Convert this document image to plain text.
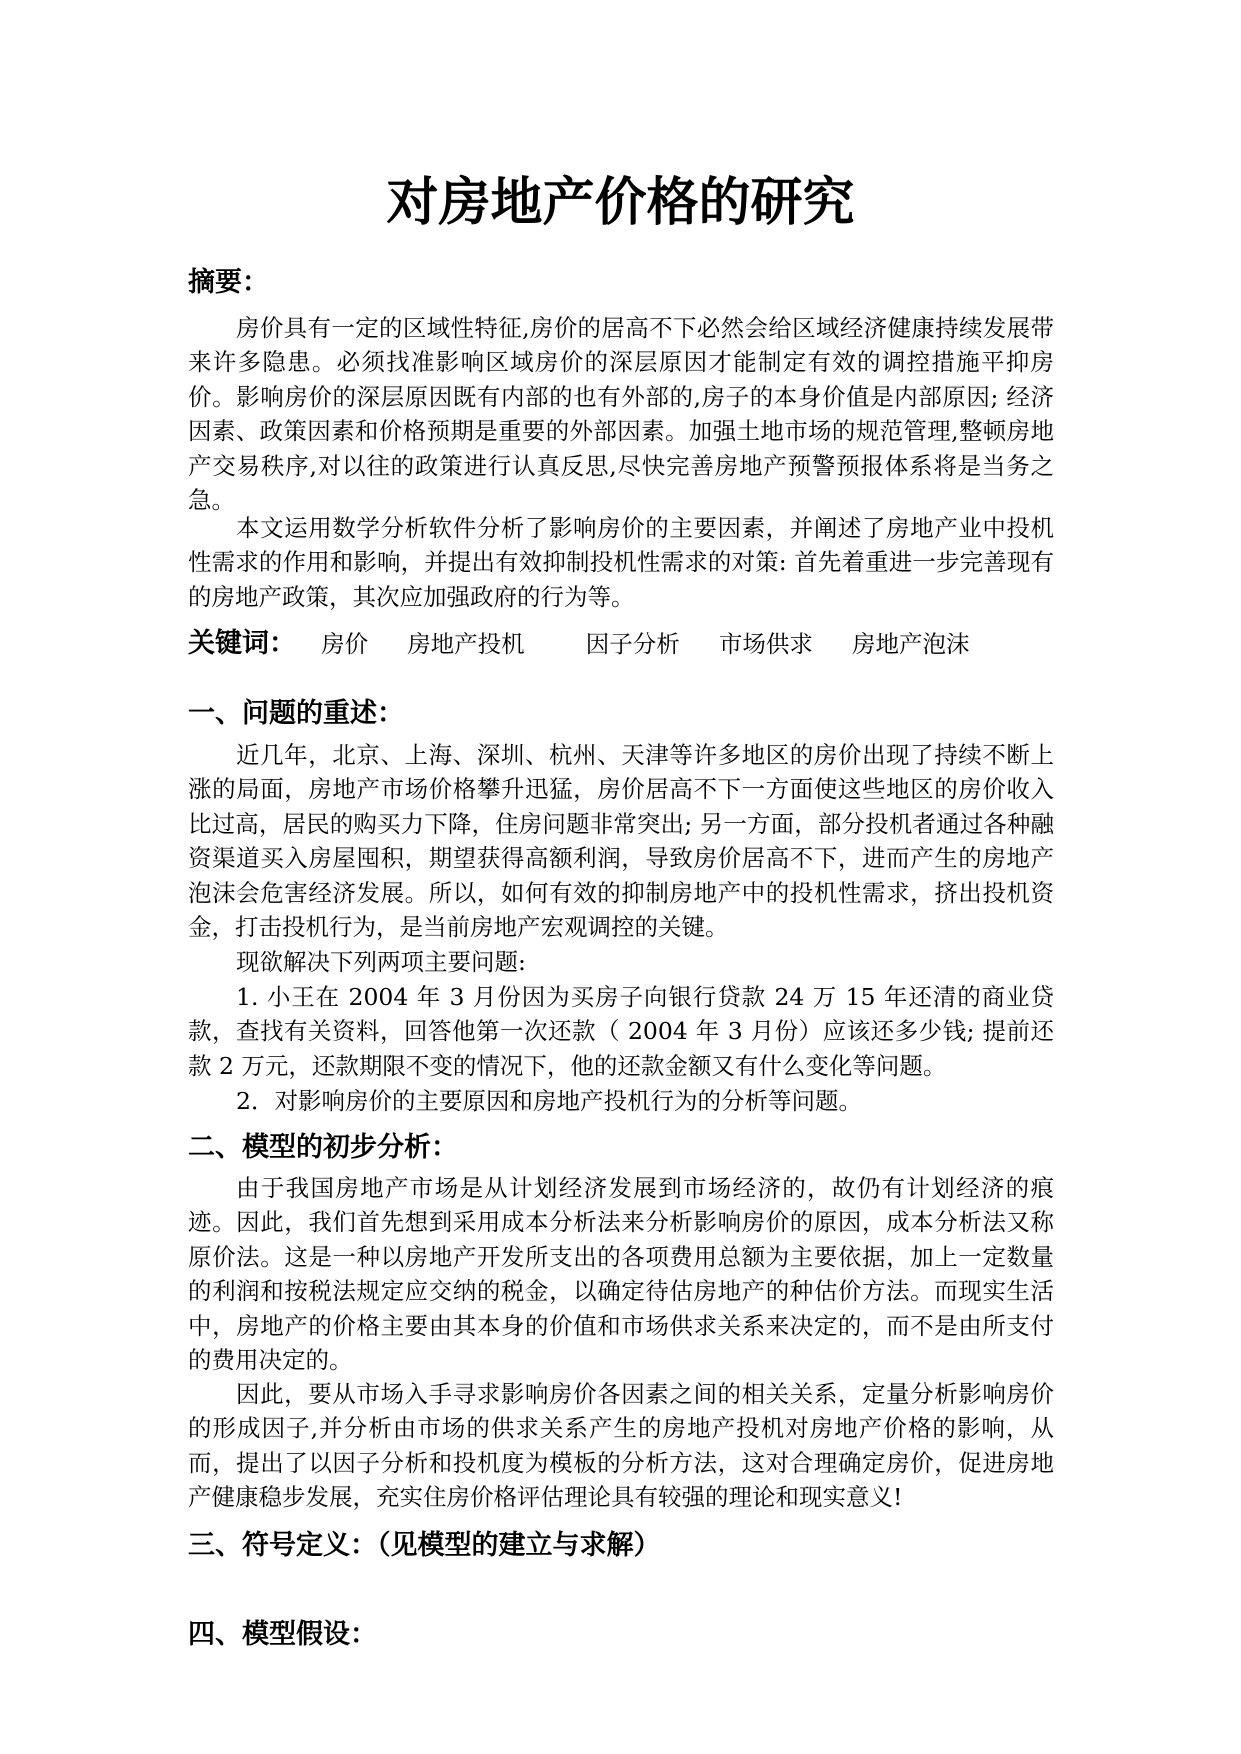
对房地产价格的研究
摘要：

房价具有一定的区域性特征,房价的居高不下必然会给区域经济健康持续发展带来许多隐患。必须找准影响区域房价的深层原因才能制定有效的调控措施平抑房价。影响房价的深层原因既有内部的也有外部的,房子的本身价值是内部原因; 经济因素、政策因素和价格预期是重要的外部因素。加强土地市场的规范管理,整顿房地产交易秩序,对以往的政策进行认真反思,尽快完善房地产预警预报体系将是当务之急。

本文运用数学分析软件分析了影响房价的主要因素，并阐述了房地产业中投机性需求的作用和影响，并提出有效抑制投机性需求的对策: 首先着重进一步完善现有的房地产政策，其次应加强政府的行为等。

关键词： 房价 房地产投机	因子分析 市场供求 房地产泡沫
一、问题的重述：

近几年，北京、上海、深圳、杭州、天津等许多地区的房价出现了持续不断上涨的局面，房地产市场价格攀升迅猛，房价居高不下一方面使这些地区的房价收入比过高，居民的购买力下降，住房问题非常突出; 另一方面，部分投机者通过各种融资渠道买入房屋囤积，期望获得高额利润，导致房价居高不下，进而产生的房地产泡沫会危害经济发展。所以，如何有效的抑制房地产中的投机性需求，挤出投机资金，打击投机行为，是当前房地产宏观调控的关键。

现欲解决下列两项主要问题:

1. 小王在 2004 年 3 月份因为买房子向银行贷款 24 万 15 年还清的商业贷款，查找有关资料，回答他第一次还款（ 2004 年 3 月份）应该还多少钱; 提前还款 2 万元，还款期限不变的情况下，他的还款金额又有什么变化等问题。

2．对影响房价的主要原因和房地产投机行为的分析等问题。

二、模型的初步分析：

由于我国房地产市场是从计划经济发展到市场经济的，故仍有计划经济的痕迹。因此，我们首先想到采用成本分析法来分析影响房价的原因，成本分析法又称原价法。这是一种以房地产开发所支出的各项费用总额为主要依据，加上一定数量的利润和按税法规定应交纳的税金，以确定待估房地产的种估价方法。而现实生活中，房地产的价格主要由其本身的价值和市场供求关系来决定的，而不是由所支付的费用决定的。

因此，要从市场入手寻求影响房价各因素之间的相关关系，定量分析影响房价的形成因子,并分析由市场的供求关系产生的房地产投机对房地产价格的影响，从而，提出了以因子分析和投机度为模板的分析方法，这对合理确定房价，促进房地产健康稳步发展，充实住房价格评估理论具有较强的理论和现实意义!

三、符号定义：（见模型的建立与求解）
四、模型假设：
